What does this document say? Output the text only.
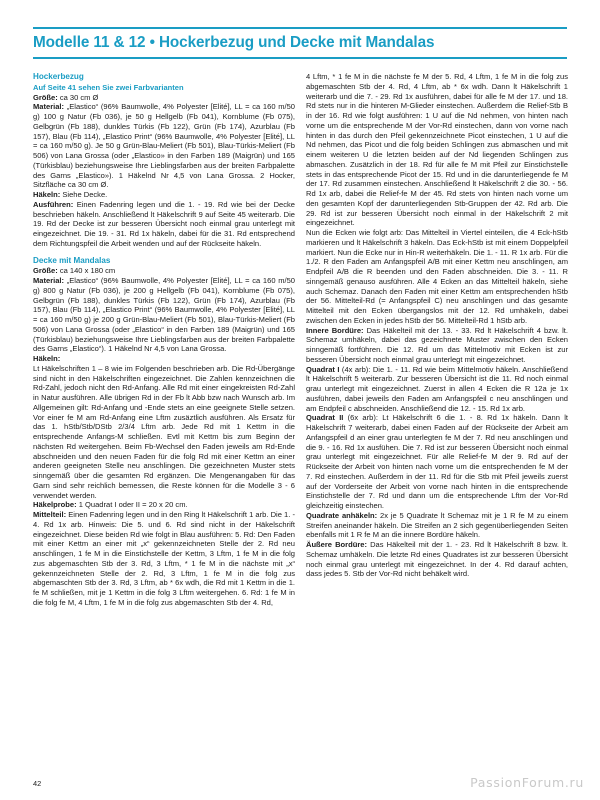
Modelle 11 & 12 • Hockerbezug und Decke mit Mandalas
Hockerbezug
Auf Seite 41 sehen Sie zwei Farbvarianten

Größe: ca 30 cm Ø

Material: „Elastico“ (96% Baumwolle, 4% Polyester [Elité], LL = ca 160 m/50 g) 100 g Natur (Fb 036), je 50 g Hellgelb (Fb 041), Kornblume (Fb 075), Gelbgrün (Fb 188), dunkles Türkis (Fb 122), Grün (Fb 174), Azurblau (Fb 157), Blau (Fb 114), „Elastico Print“ (96% Baumwolle, 4% Polyester [Elité], LL = ca 160 m/50 g). Je 50 g Grün-Blau-Meliert (Fb 501), Blau-Türkis-Meliert (Fb 506) von Lana Grossa (oder „Elastico» in den Farben 189 (Maigrün) und 165 (Türkisblau) beziehungsweise Ihre Lieblingsfarben aus der breiten Farbpalette des Garns „Elastico»). 1 Häkelnd Nr 4,5 von Lana Grossa. 2 Hocker, Sitzfläche ca 30 cm Ø.

Häkeln: Siehe Decke.

Ausführen: Einen Fadenring legen und die 1. - 19. Rd wie bei der Decke beschrieben häkeln. Anschließend lt Häkelschrift 9 auf Seite 45 weiterarb. Die 19. Rd der Decke ist zur besseren Übersicht noch einmal grau unterlegt mit eingezeichnet. Die 19. - 31. Rd 1x häkeln, dabei für die 31. Rd entsprechend dem Richtungspfeil die Arbeit wenden und auf der Rückseite häkeln.

Decke mit Mandalas

Größe: ca 140 x 180 cm

Material: „Elastico“ (96% Baumwolle, 4% Polyester [Elité], LL = ca 160 m/50 g) 800 g Natur (Fb 036), je 200 g Hellgelb (Fb 041), Kornblume (Fb 075), Gelbgrün (Fb 188), dunkles Türkis (Fb 122), Grün (Fb 174), Azurblau (Fb 157), Blau (Fb 114), „Elastico Print“ (96% Baumwolle, 4% Polyester [Elité], LL = ca 160 m/50 g) je 200 g Grün-Blau-Meliert (Fb 501), Blau-Türkis-Meliert (Fb 506) von Lana Grossa (oder „Elastico“ in den Farben 189 (Maigrün) und 165 (Türkisblau) beziehungsweise Ihre Lieblingsfarben aus der breiten Farbpalette des Garns „Elastico“). 1 Häkelnd Nr 4,5 von Lana Grossa.

Häkeln:

Lt Häkelschriften 1 – 8 wie im Folgenden beschrieben arb. Die Rd-Übergänge sind nicht in den Häkelschriften eingezeichnet. Die Zahlen kennzeichnen die Rd-Zahl, jedoch nicht den Rd-Anfang. Alle Rd mit einer eingekreisten Rd-Zahl in Natur ausführen. Alle übrigen Rd in der Fb lt Abb bzw nach Wunsch arb. Im Allgemeinen gilt: Rd-Anfang und -Ende stets an eine geeignete Stelle setzen. Vor einer fe M am Rd-Anfang eine Lftm zusäztlich ausführen. Als Ersatz für das 1. hStb/Stb/DStb 2/3/4 Lftm arb. Jede Rd mit 1 Kettm in die entsprechende Anfangs-M schließen. Evtl mit Kettm bis zum Beginn der nächsten Rd weitergehen. Beim Fb-Wechsel den Faden jeweils am Rd-Ende abschneiden und den neuen Faden für die folg Rd mit einer Kettm an einer anderen geeigneten Stelle neu anschlingen. Die gezeichneten Muster stets sinngemäß über die gesamten Rd ergänzen. Die Mengenangaben für das Garn sind sehr reichlich bemessen, die Reste können für die Modelle 3 - 6 verwendet werden.

Häkelprobe: 1 Quadrat I oder II = 20 x 20 cm.

Mittelteil: Einen Fadenring legen und in den Ring lt Häkelschrift 1 arb. Die 1. - 4. Rd 1x arb. Hinweis: Die 5. und 6. Rd sind nicht in der Häkelschrift eingezeichnet. Diese beiden Rd wie folgt in Blau ausführen: 5. Rd: Den Faden mit einer Kettm an einer mit „x“ gekennzeichneten Stelle der 2. Rd neu anschlingen, 1 fe M in die Einstichstelle der Kettm, 3 Lftm, 1 fe M in die folg zus abgemaschten Stb der 3. Rd, 3 Lftm, * 1 fe M in die nächste mit „x“ gekennzeichneten Stelle der 2. Rd, 3 Lftm, 1 fe M in die folg zus abgemaschten Stb der 3. Rd, 3 Lftm, ab * 6x wdh, die Rd mit 1 Kettm in die 1. fe M schließen, mit je 1 Kettm in die folg 3 Lftm weitergehen. 6. Rd: 1 fe M in die folg fe M, 4 Lftm, 1 fe M in die folg zus abgemaschten Stb der 4. Rd,

4 Lftm, * 1 fe M in die nächste fe M der 5. Rd, 4 Lftm, 1 fe M in die folg zus abgemaschten Stb der 4. Rd, 4 Lftm, ab * 6x wdh. Dann lt Häkelschrift 1 weiterarb und die 7. - 29. Rd 1x ausführen, dabei für alle fe M der 17. und 18. Rd stets nur in die hinteren M-Glieder einstechen. Außerdem die Relief-Stb B in der 16. Rd wie folgt ausführen: 1 U auf die Nd nehmen, von hinten nach vorne um die entsprechende M der Vor-Rd einstechen, dann von vorne nach hinten in das durch den Pfeil gekennzeichnete Picot einstechen, 1 U auf die Nd nehmen, das Picot und die folg beiden Schlingen zus abmaschen und mit einem weiteren U die letzten beiden auf der Nd liegenden Schlingen zus abmaschen. Zusätzlich in der 18. Rd für alle fe M mit Pfeil zur Einstichstelle stets in das entsprechende Picot der 15. Rd und in die darunterliegende fe M der 17. Rd zusammen einstechen. Anschließend lt Häkelschrift 2 die 30. - 56. Rd 1x arb, dabei die Relief-fe M der 45. Rd stets von hinten nach vorne um den gesamten Kopf der darunterliegenden Stb-Gruppen der 42. Rd arb. Die 29. Rd ist zur besseren Übersicht noch einmal in der Häkelschrift 2 mit eingezeichnet.

Nun die Ecken wie folgt arb: Das Mittelteil in Viertel einteilen, die 4 Eck-hStb markieren und lt Häkelschrift 3 häkeln. Das Eck-hStb ist mit einem Doppelpfeil markiert. Nun die Ecke nur in Hin-R weiterhäkeln. Die 1. - 11. R 1x arb. Für die 1./2. R den Faden am Anfangspfeil A/B mit einer Kettm neu anschlingen, am Endpfeil A/B die R beenden und den Faden abschneiden. Die 3. - 11. R sinngemäß genauso ausführen. Alle 4 Ecken an das Mittelteil häkeln, siehe auch Schemaz. Danach den Faden mit einer Kettm am entsprechenden hStb der 56. Mittelteil-Rd (= Anfangspfeil C) neu anschlingen und das gesamte Mittelteil mit den Ecken übergangslos mit der 12. Rd umhäkeln, dabei zwischen den Ecken in jedes hStb der 56. Mittelteil-Rd 1 hStb arb.

Innere Bordüre: Das Häkelteil mit der 13. - 33. Rd lt Häkelschrift 4 bzw. lt. Schemaz umhäkeln, dabei das gezeichnete Muster zwischen den Ecken sinngemäß fortführen. Die 12. Rd um das Mittelmotiv mit Ecken ist zur besseren Übersicht noch einmal grau unterlegt mit eingezeichnet.

Quadrat I (4x arb): Die 1. - 11. Rd wie beim Mittelmotiv häkeln. Anschließend lt Häkelschrift 5 weiterarb. Zur besseren Übersicht ist die 11. Rd noch einmal grau unterlegt mit eingezeichnet. Zuerst in allen 4 Ecken die R 12a je 1x ausführen, dabei jeweils den Faden am Anfangspfeil c neu anschlingen und am Endpfeil c abschneiden. Anschließend die 12. - 15. Rd 1x arb.

Quadrat II (6x arb): Lt Häkelschrift 6 die 1. - 8. Rd 1x häkeln. Dann lt Häkelschrift 7 weiterarb, dabei einen Faden auf der Rückseite der Arbeit am Anfangspfeil d an einer grau unterlegten fe M der 7. Rd neu anschlingen und die 9. - 16. Rd 1x ausfühen. Die 7. Rd ist zur besseren Übersicht noch einmal grau unterlegt mit eingezeichnet. Für alle Relief-fe M der 9. Rd auf der Rückseite der Arbeit von hinten nach vorne um die entsprechenden fe M der 7. Rd einstechen. Außerdem in der 11. Rd für die Stb mit Pfeil jeweils zuerst auf der Vorderseite der Arbeit von vorne nach hinten in die entsprechende Einstichstelle der 7. Rd und dann um die entsprechende Lftm der Vor-Rd gleichzeitig einstechen.

Quadrate anhäkeln: 2x je 5 Quadrate lt Schemaz mit je 1 R fe M zu einem Streifen aneinander häkeln. Die Streifen an 2 sich gegenüberliegenden Seiten ebenfalls mit 1 R fe M an die innere Bordüre häkeln.

Äußere Bordüre: Das Häkelteil mit der 1. - 23. Rd lt Häkelschrift 8 bzw. lt. Schemaz umhäkeln. Die letzte Rd eines Quadrates ist zur besseren Übersicht noch einmal grau unterlegt mit eingezeichnet. In der 4. Rd darauf achten, dass jedes 5. Stb der Vor-Rd nicht behäkelt wird.

42	PassionForum.ru
